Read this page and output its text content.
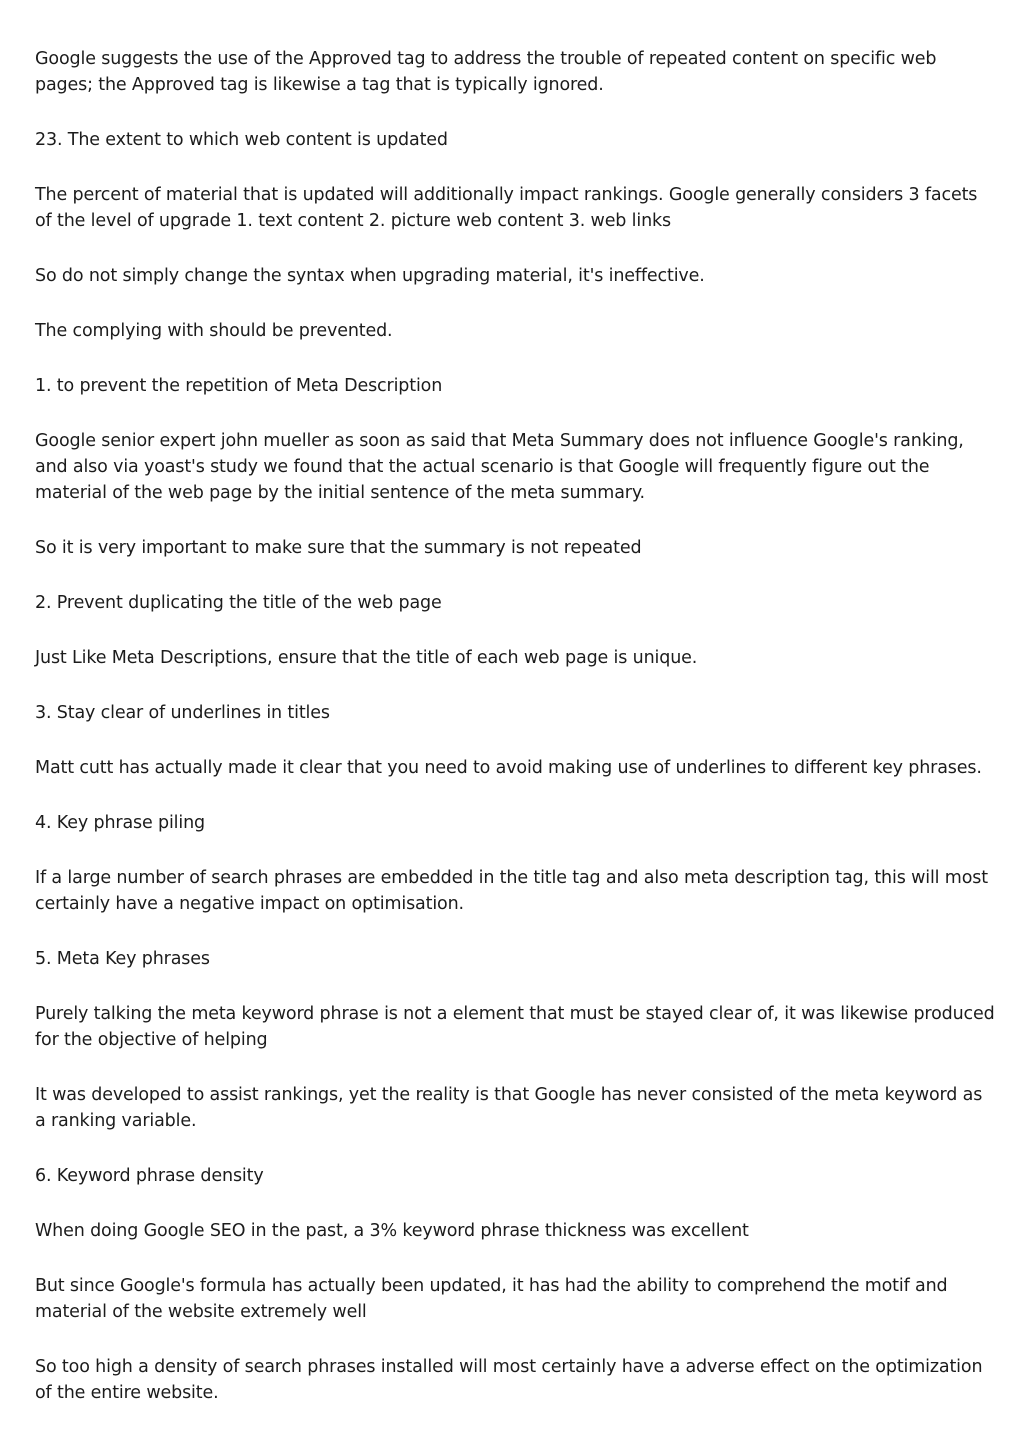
Google suggests the use of the Approved tag to address the trouble of repeated content on specific web pages; the Approved tag is likewise a tag that is typically ignored.

23. The extent to which web content is updated

The percent of material that is updated will additionally impact rankings. Google generally considers 3 facets of the level of upgrade 1. text content 2. picture web content 3. web links

So do not simply change the syntax when upgrading material, it's ineffective.

The complying with should be prevented.

1. to prevent the repetition of Meta Description

Google senior expert john mueller as soon as said that Meta Summary does not influence Google's ranking, and also via yoast's study we found that the actual scenario is that Google will frequently figure out the material of the web page by the initial sentence of the meta summary.

So it is very important to make sure that the summary is not repeated

2. Prevent duplicating the title of the web page

Just Like Meta Descriptions, ensure that the title of each web page is unique.

3. Stay clear of underlines in titles

Matt cutt has actually made it clear that you need to avoid making use of underlines to different key phrases.

4. Key phrase piling

If a large number of search phrases are embedded in the title tag and also meta description tag, this will most certainly have a negative impact on optimisation.

5. Meta Key phrases

Purely talking the meta keyword phrase is not a element that must be stayed clear of, it was likewise produced for the objective of helping

It was developed to assist rankings, yet the reality is that Google has never consisted of the meta keyword as a ranking variable.

6. Keyword phrase density

When doing Google SEO in the past, a 3% keyword phrase thickness was excellent

But since Google's formula has actually been updated, it has had the ability to comprehend the motif and material of the website extremely well

So too high a density of search phrases installed will most certainly have a adverse effect on the optimization of the entire website.
